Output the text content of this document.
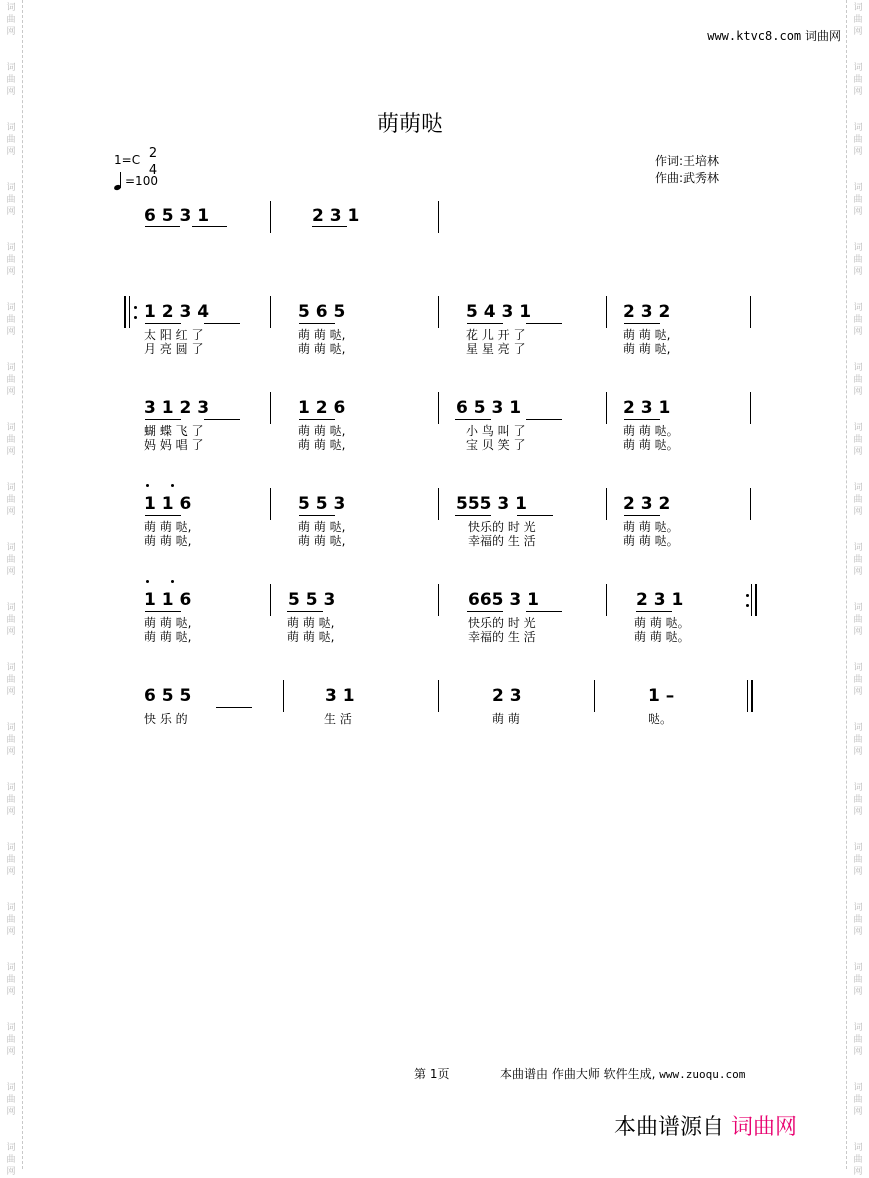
词
曲
网
词
曲
网
词
曲
网
词
曲
网
词
曲
网
词
曲
网
词
曲
网
词
曲
网
词
曲
网
词
曲
网
词
曲
网
词
曲
网
词
曲
网
词
曲
网
词
曲
网
词
曲
网
词
曲
网
词
曲
网
词
曲
网
词
曲
网
词
曲
网
词
曲
网
词
曲
网
词
曲
网
词
曲
网
词
曲
网
词
曲
网
词
曲
网
词
曲
网
词
曲
网
词
曲
网
词
曲
网
词
曲
网
词
曲
网
词
曲
网
词
曲
网
词
曲
网
词
曲
网
词
曲
网
词
曲
网
www.ktvc8.com 词曲网
萌萌哒
1=C 2
4
=100
作词:王培林
作曲:武秀林
6 5 3 1	2 3 1
1 2 3 4	5 6 5	5 4 3 1	2 3 2
太 阳 红 了	萌 萌 哒,	花 儿 开 了	萌 萌 哒,
月 亮 圆 了	萌 萌 哒,	星 星 亮 了	萌 萌 哒,
3 1 2 3	1 2 6	6 5 3 1	2 3 1
蝴 蝶 飞 了	萌 萌 哒,	小 鸟 叫 了	萌 萌 哒。
妈 妈 唱 了	萌 萌 哒,	宝 贝 笑 了	萌 萌 哒。
1 1 6	5 5 3	555 3 1	2 3 2
萌 萌 哒,	萌 萌 哒,	快乐的 时 光	萌 萌 哒。
萌 萌 哒,	萌 萌 哒,	幸福的 生 活	萌 萌 哒。
1 1 6	5 5 3	665 3 1	2 3 1
萌 萌 哒,	萌 萌 哒,	快乐的 时 光	萌 萌 哒。
萌 萌 哒,	萌 萌 哒,	幸福的 生 活	萌 萌 哒。
6 5 5	3 1	2 3	1 –
快 乐 的	生 活	萌 萌	哒。
第 1页	本曲谱由 作曲大师 软件生成, www.zuoqu.com
本曲谱源自 词曲网
